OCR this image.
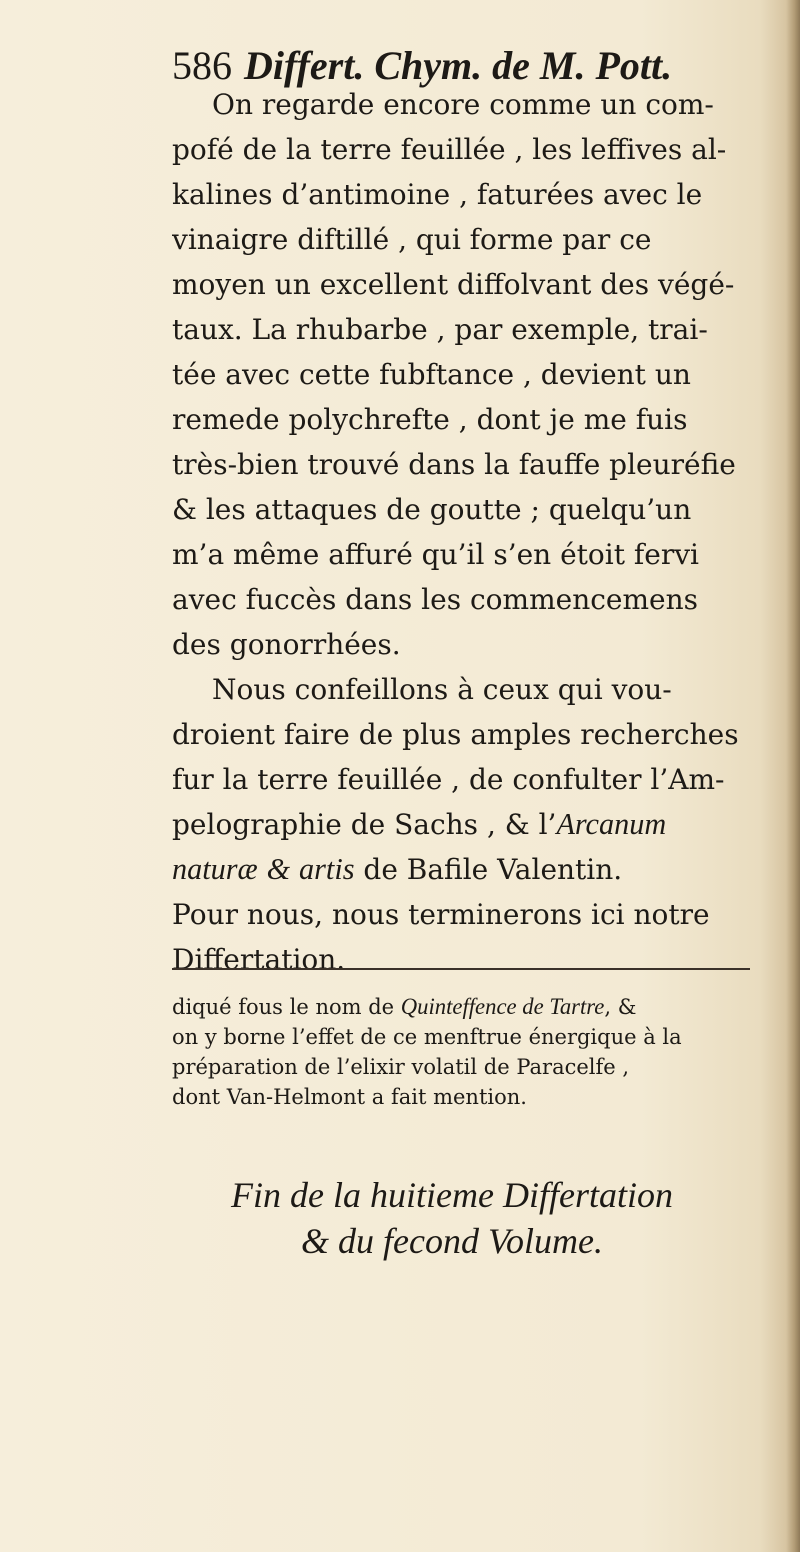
586 Differt. Chym. de M. Pott.

On regarde encore comme un com-

pofé de la terre feuillée , les leffives al-

kalines d’antimoine , faturées avec le

vinaigre diftillé , qui forme par ce

moyen un excellent diffolvant des végé-

taux. La rhubarbe , par exemple, trai-

tée avec cette fubftance , devient un

remede polychrefte , dont je me fuis

très-bien trouvé dans la fauffe pleuréfie

& les attaques de goutte ; quelqu’un

m’a même affuré qu’il s’en étoit fervi

avec fuccès dans les commencemens

des gonorrhées.

Nous confeillons à ceux qui vou-

droient faire de plus amples recherches

fur la terre feuillée , de confulter l’Am-

pelographie de Sachs , & l’Arcanum

naturæ & artis de Bafile Valentin.

Pour nous, nous terminerons ici notre

Differtation.

diqué fous le nom de Quinteffence de Tartre, &

on y borne l’effet de ce menftrue énergique à la

préparation de l’elixir volatil de Paracelfe ,

dont Van-Helmont a fait mention.

Fin de la huitieme Differtation

& du fecond Volume.
